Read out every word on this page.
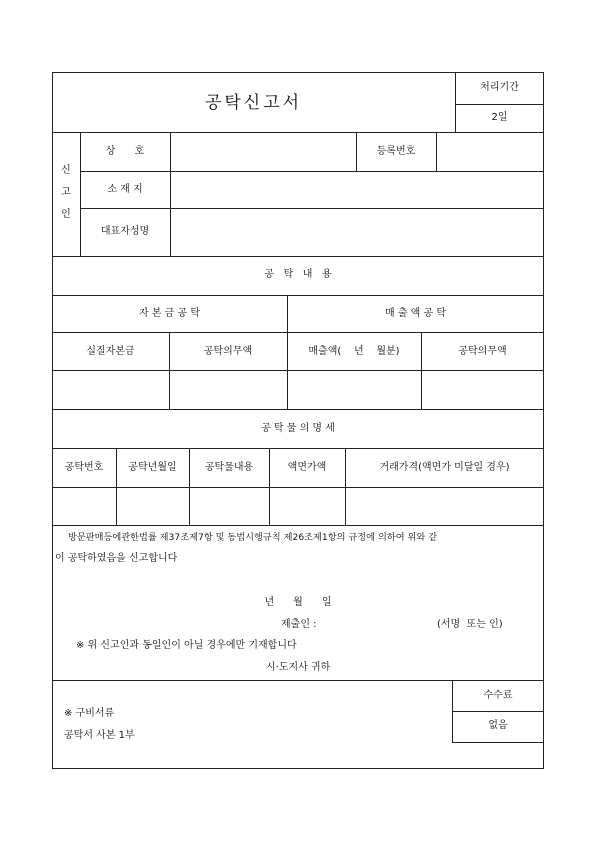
공탁신고서
처리기간
2일
신
고
인
상      호	등록번호
소 재 지
대표자성명
공   탁   내   용
자 본 금 공 탁	매 출 액 공 탁
실질자본금	공탁의무액	매출액(    년    월분)	공탁의무액
공 탁 물 의 명 세
공탁번호	공탁년월일	공탁물내용	액면가액	거래가격(액면가 미달일 경우)
방문판매등에관한법률 제37조제7항 및 동법시행규칙 제26조제1항의 규정에 의하여 위와 같
이 공탁하였음을 신고합니다
년      월      일
제출인 :	(서명  또는 인)
※ 위 신고인과 동일인이 아닐 경우에만 기재합니다
시·도지사 귀하
※ 구비서류
공탁서 사본 1부
수수료
없음
